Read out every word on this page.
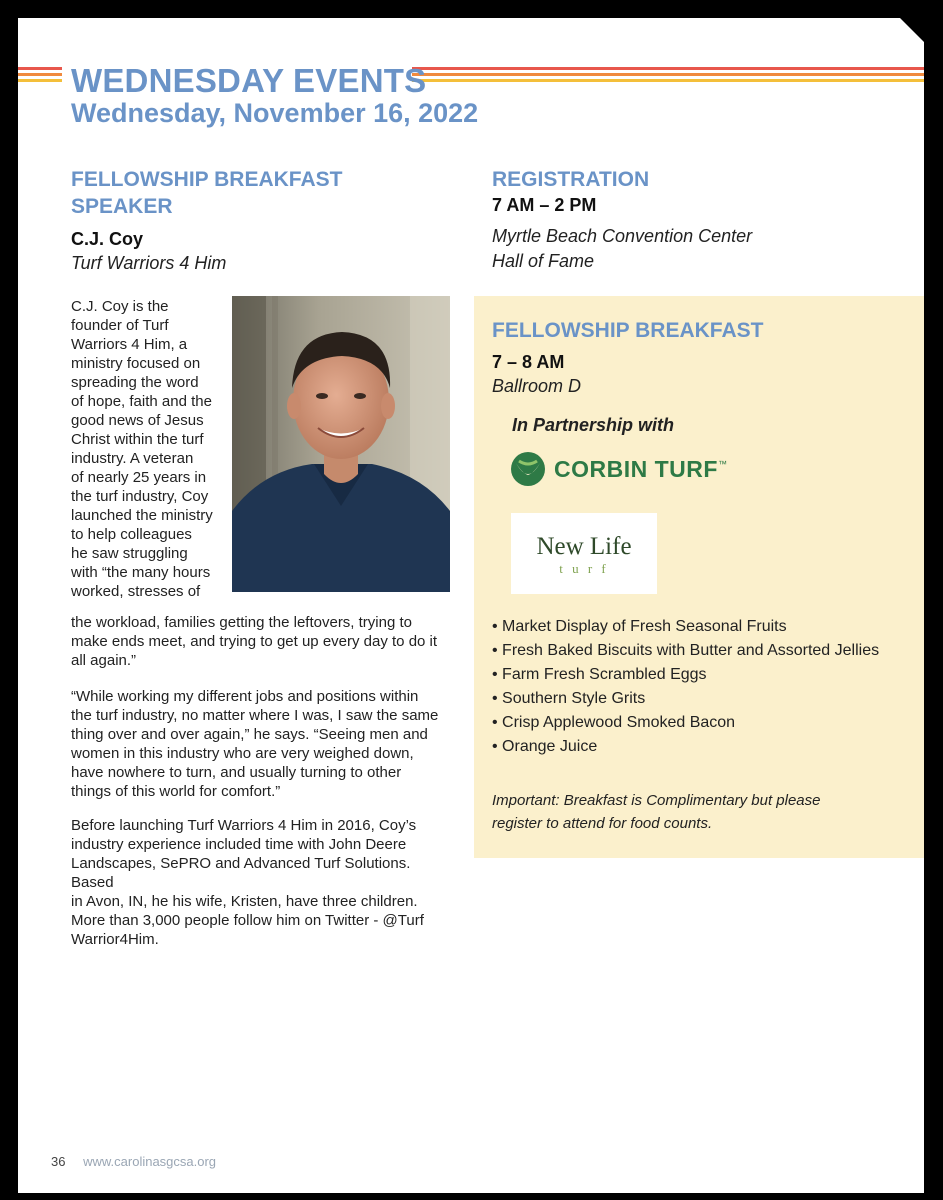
WEDNESDAY EVENTS
Wednesday, November 16, 2022
FELLOWSHIP BREAKFAST
SPEAKER
C.J. Coy
Turf Warriors 4 Him
C.J. Coy is the
founder of Turf
Warriors 4 Him, a
ministry focused on
spreading the word
of hope, faith and the
good news of Jesus
Christ within the turf
industry. A veteran
of nearly 25 years in
the turf industry, Coy
launched the ministry
to help colleagues
he saw struggling
with “the many hours
worked, stresses of
the workload, families getting the leftovers, trying to
make ends meet, and trying to get up every day to do it
all again.”
“While working my different jobs and positions within
the turf industry, no matter where I was, I saw the same
thing over and over again,” he says. “Seeing men and
women in this industry who are very weighed down,
have nowhere to turn, and usually turning to other
things of this world for comfort.”
Before launching Turf Warriors 4 Him in 2016, Coy’s
industry experience included time with John Deere
Landscapes, SePRO and Advanced Turf Solutions. Based
in Avon, IN, he his wife, Kristen, have three children.
More than 3,000 people follow him on Twitter - @Turf
Warrior4Him.
REGISTRATION
7 AM – 2 PM
Myrtle Beach Convention Center
Hall of Fame
FELLOWSHIP BREAKFAST
7 – 8 AM
Ballroom D
In Partnership with
CORBIN TURF ™
New Life
t u r f
• Market Display of Fresh Seasonal Fruits
• Fresh Baked Biscuits with Butter and Assorted Jellies
• Farm Fresh Scrambled Eggs
• Southern Style Grits
• Crisp Applewood Smoked Bacon
• Orange Juice
Important: Breakfast is Complimentary but please
register to attend for food counts.
36 www.carolinasgcsa.org
